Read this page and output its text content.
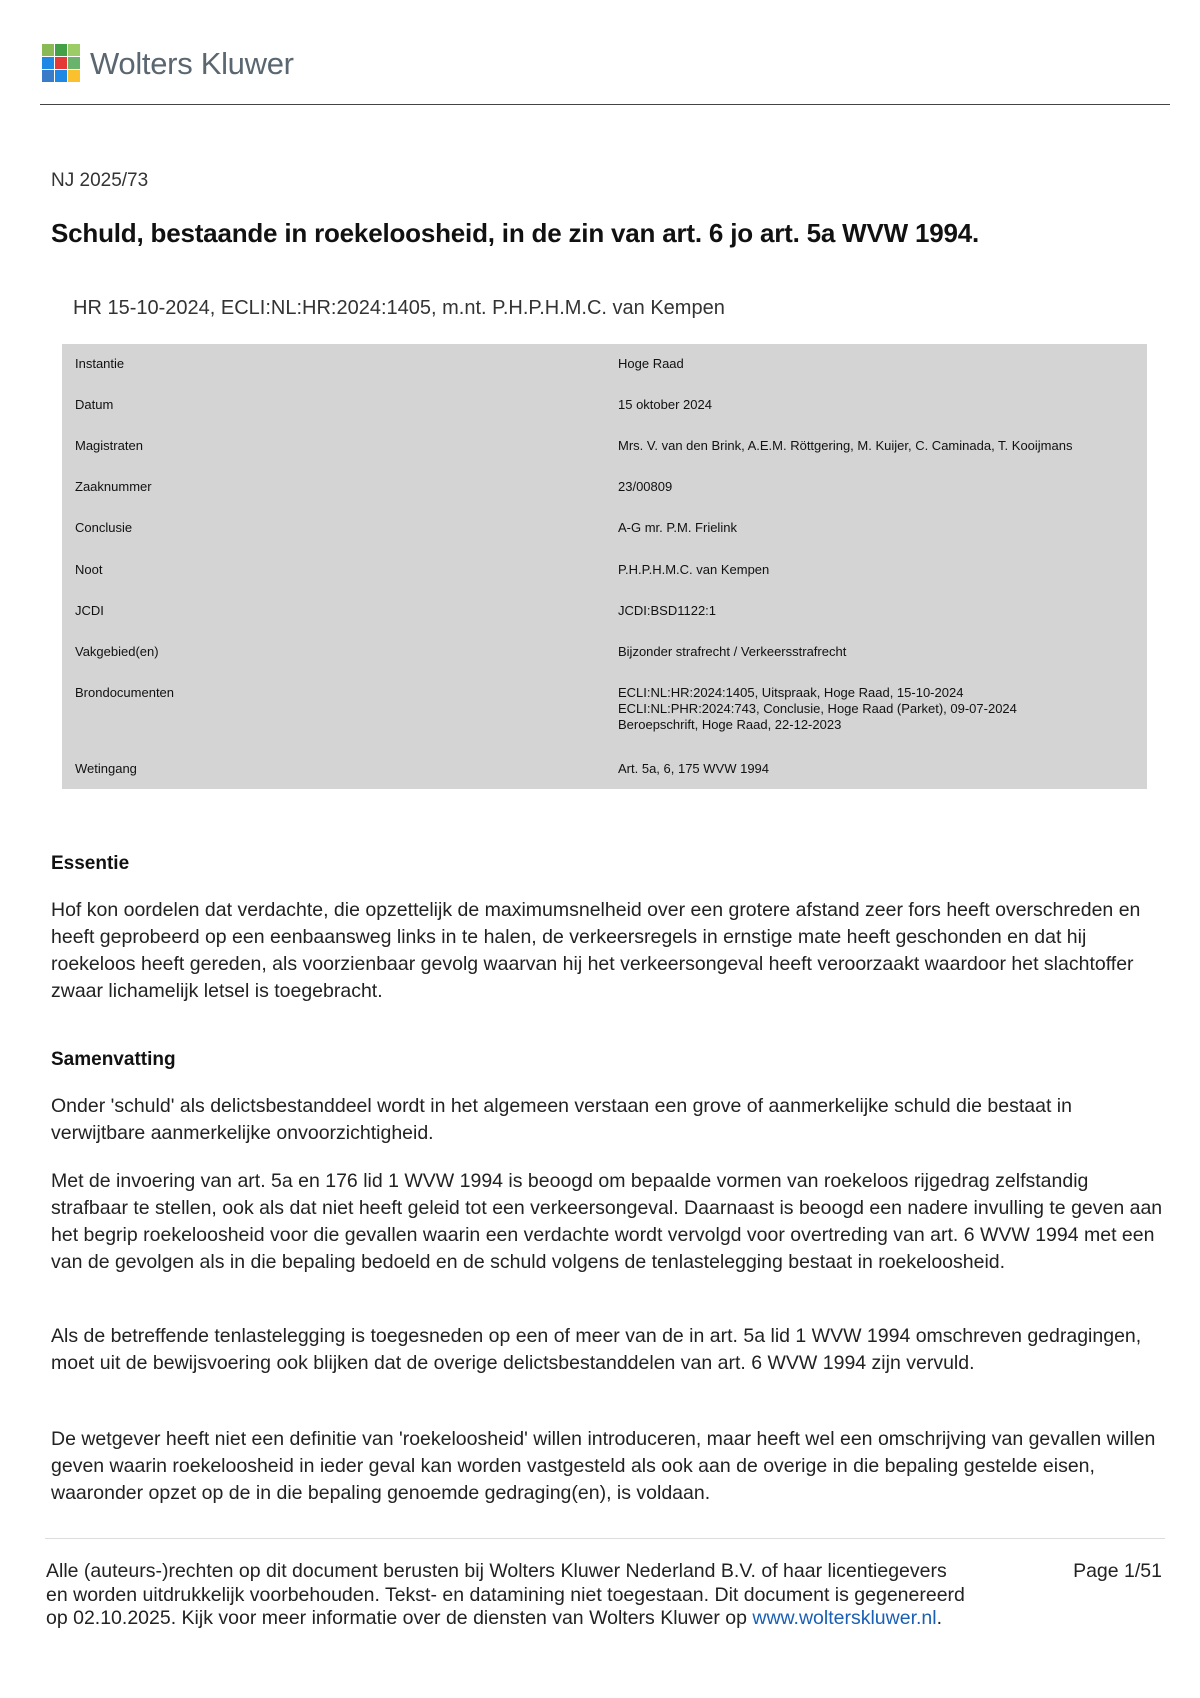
Wolters Kluwer
NJ 2025/73
Schuld, bestaande in roekeloosheid, in de zin van art. 6 jo art. 5a WVW 1994.
HR 15-10-2024, ECLI:NL:HR:2024:1405, m.nt. P.H.P.H.M.C. van Kempen
Instantie	Hoge Raad
Datum	15 oktober 2024
Magistraten	Mrs. V. van den Brink, A.E.M. Röttgering, M. Kuijer, C. Caminada, T. Kooijmans
Zaaknummer	23/00809
Conclusie	A-G mr. P.M. Frielink
Noot	P.H.P.H.M.C. van Kempen
JCDI	JCDI:BSD1122:1
Vakgebied(en)	Bijzonder strafrecht / Verkeersstrafrecht
Brondocumenten	ECLI:NL:HR:2024:1405, Uitspraak, Hoge Raad, 15-10-2024
ECLI:NL:PHR:2024:743, Conclusie, Hoge Raad (Parket), 09-07-2024
Beroepschrift, Hoge Raad, 22-12-2023
Wetingang	Art. 5a, 6, 175 WVW 1994
Essentie

Hof kon oordelen dat verdachte, die opzettelijk de maximumsnelheid over een grotere afstand zeer fors heeft overschreden en heeft geprobeerd op een eenbaansweg links in te halen, de verkeersregels in ernstige mate heeft geschonden en dat hij roekeloos heeft gereden, als voorzienbaar gevolg waarvan hij het verkeersongeval heeft veroorzaakt waardoor het slachtoffer zwaar lichamelijk letsel is toegebracht.

Samenvatting

Onder 'schuld' als delictsbestanddeel wordt in het algemeen verstaan een grove of aanmerkelijke schuld die bestaat in verwijtbare aanmerkelijke onvoorzichtigheid.

Met de invoering van art. 5a en 176 lid 1 WVW 1994 is beoogd om bepaalde vormen van roekeloos rijgedrag zelfstandig strafbaar te stellen, ook als dat niet heeft geleid tot een verkeersongeval. Daarnaast is beoogd een nadere invulling te geven aan het begrip roekeloosheid voor die gevallen waarin een verdachte wordt vervolgd voor overtreding van art. 6 WVW 1994 met een van de gevolgen als in die bepaling bedoeld en de schuld volgens de tenlastelegging bestaat in roekeloosheid.

Als de betreffende tenlastelegging is toegesneden op een of meer van de in art. 5a lid 1 WVW 1994 omschreven gedragingen, moet uit de bewijsvoering ook blijken dat de overige delictsbestanddelen van art. 6 WVW 1994 zijn vervuld.

De wetgever heeft niet een definitie van 'roekeloosheid' willen introduceren, maar heeft wel een omschrijving van gevallen willen geven waarin roekeloosheid in ieder geval kan worden vastgesteld als ook aan de overige in die bepaling gestelde eisen, waaronder opzet op de in die bepaling genoemde gedraging(en), is voldaan.

Alle (auteurs-)rechten op dit document berusten bij Wolters Kluwer Nederland B.V. of haar licentiegevers en worden uitdrukkelijk voorbehouden. Tekst- en datamining niet toegestaan. Dit document is gegenereerd op 02.10.2025. Kijk voor meer informatie over de diensten van Wolters Kluwer op www.wolterskluwer.nl.

Page 1/51
